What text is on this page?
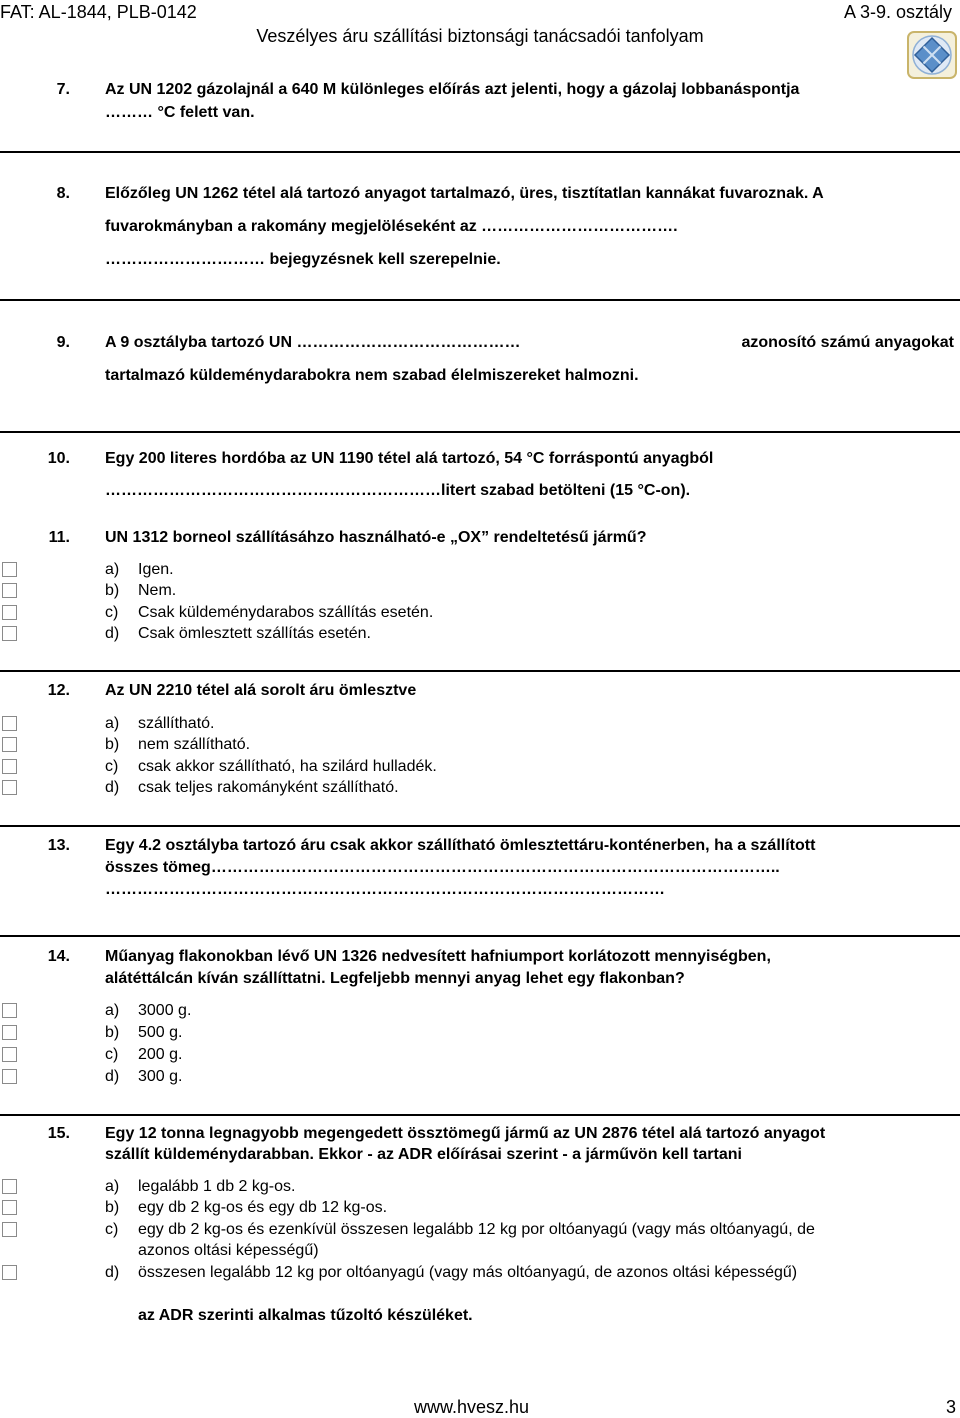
FAT: AL-1844, PLB-0142	A 3-9. osztály
Veszélyes áru szállítási biztonsági tanácsadói tanfolyam
7. Az UN 1202 gázolajnál a 640 M különleges előírás azt jelenti, hogy a gázolaj lobbanáspontja
……… °C felett van.
8. Előzőleg UN 1262 tétel alá tartozó anyagot tartalmazó, üres, tisztítatlan kannákat fuvaroznak. A
fuvarokmányban a rakomány megjelöléseként az ……………………………….
………………………… bejegyzésnek kell szerepelnie.
9. A 9 osztályba tartozó UN ……………………………………	azonosító számú anyagokat
tartalmazó küldeménydarabokra nem szabad élelmiszereket halmozni.
10. Egy 200 literes hordóba az UN 1190 tétel alá tartozó, 54 °C forráspontú anyagból
………………………………………………………litert szabad betölteni (15 °C-on).
11. UN 1312 borneol szállításáhzo használható-e „OX” rendeltetésű jármű?
a)	Igen.
b)	Nem.
c)	Csak küldeménydarabos szállítás esetén.
d)	Csak ömlesztett szállítás esetén.
12. Az UN 2210 tétel alá sorolt áru ömlesztve
a)	szállítható.
b)	nem szállítható.
c)	csak akkor szállítható, ha szilárd hulladék.
d)	csak teljes rakományként szállítható.
13. Egy 4.2 osztályba tartozó áru csak akkor szállítható ömlesztettáru-konténerben, ha a szállított
összes tömeg……………………………………………………………………………………………..
……………………………………………………………………………………………
14. Műanyag flakonokban lévő UN 1326 nedvesített hafniumport korlátozott mennyiségben,
alátéttálcán kíván szállíttatni. Legfeljebb mennyi anyag lehet egy flakonban?
a)	3000 g.
b)	500 g.
c)	200 g.
d)	300 g.
15. Egy 12 tonna legnagyobb megengedett össztömegű jármű az UN 2876 tétel alá tartozó anyagot
szállít küldeménydarabban. Ekkor - az ADR előírásai szerint - a járművön kell tartani
a)	legalább 1 db 2 kg-os.
b)	egy db 2 kg-os és egy db 12 kg-os.
c)	egy db 2 kg-os és ezenkívül összesen legalább 12 kg por oltóanyagú (vagy más oltóanyagú, de
azonos oltási képességű)
d)	összesen legalább 12 kg por oltóanyagú (vagy más oltóanyagú, de azonos oltási képességű)
az ADR szerinti alkalmas tűzoltó készüléket.
www.hvesz.hu	3
